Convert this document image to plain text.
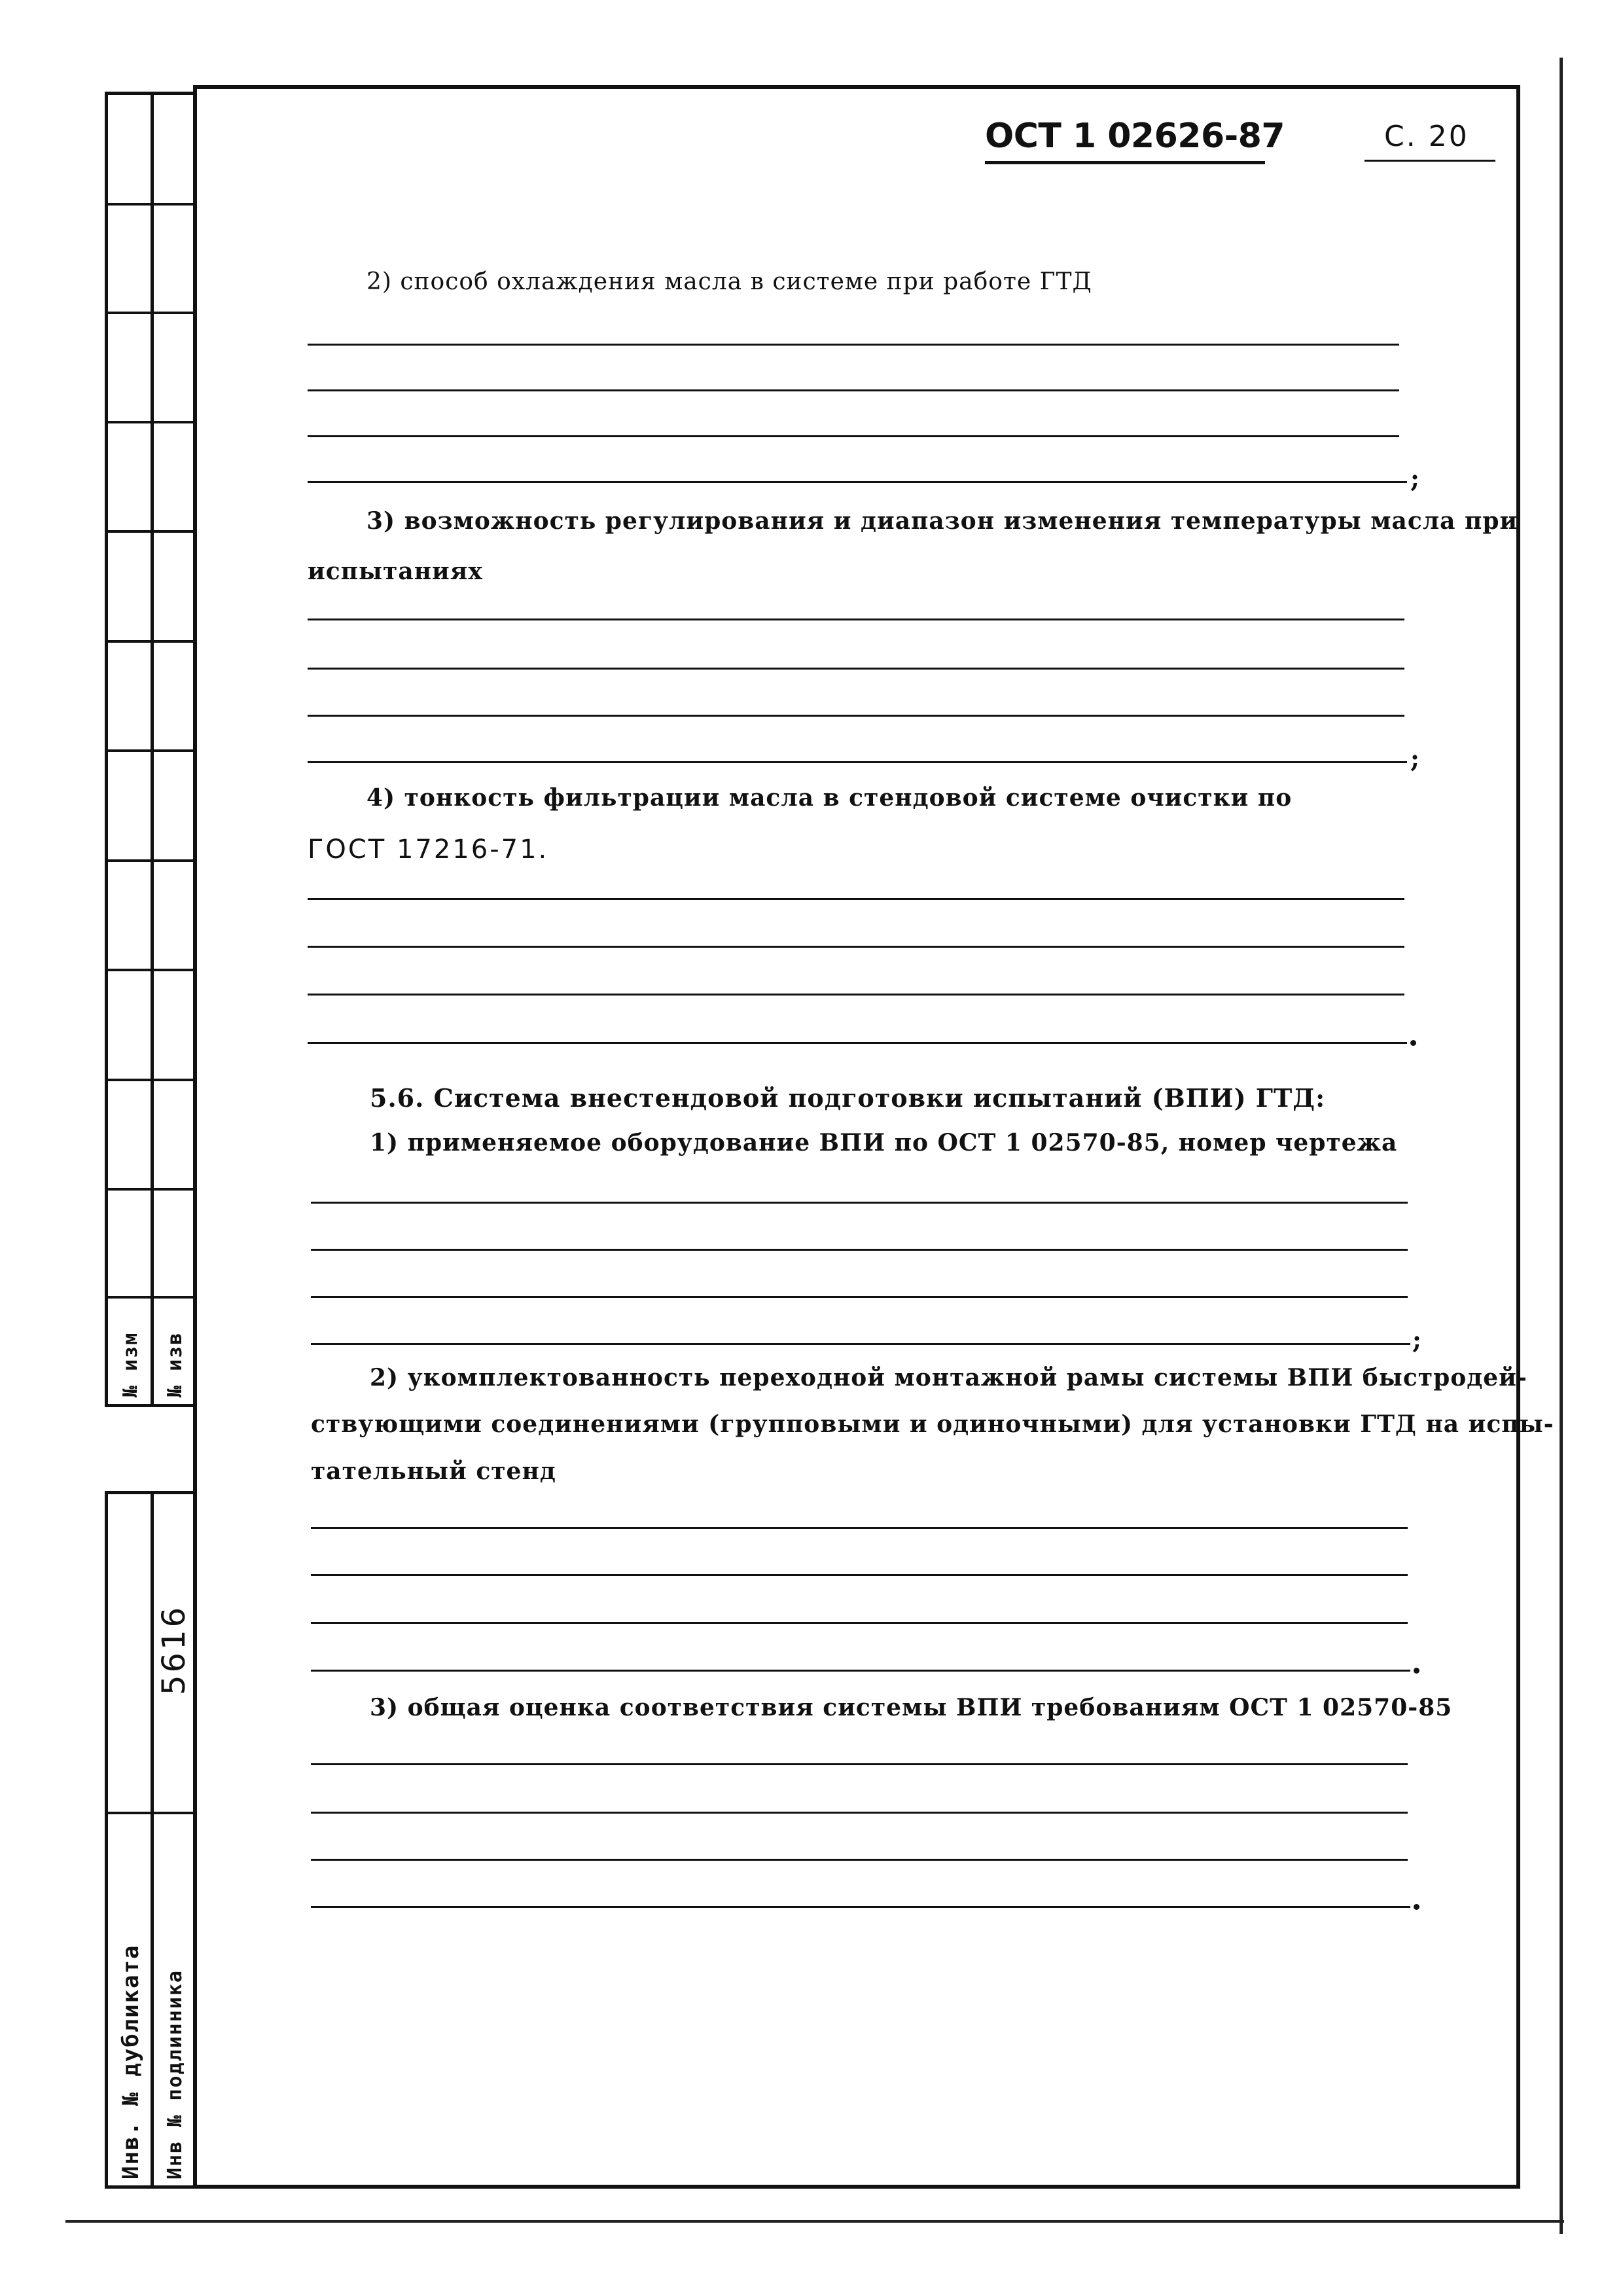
№ изм № изв
5616
Инв. № дубликата Инв № подлинника
ОСТ 1 02626-87	С. 20
2) способ охлаждения масла в системе при работе ГТД
;
3) возможность регулирования и диапазон изменения температуры масла при
испытаниях
;
4) тонкость фильтрации масла в стендовой системе очистки по
ГОСТ 17216-71.
5.6. Система внестендовой подготовки испытаний (ВПИ) ГТД:
1) применяемое оборудование ВПИ по ОСТ 1 02570-85, номер чертежа
;
2) укомплектованность переходной монтажной рамы системы ВПИ быстродей-
ствующими соединениями (групповыми и одиночными) для установки ГТД на испы-
тательный стенд
3) общая оценка соответствия системы ВПИ требованиям ОСТ 1 02570-85
